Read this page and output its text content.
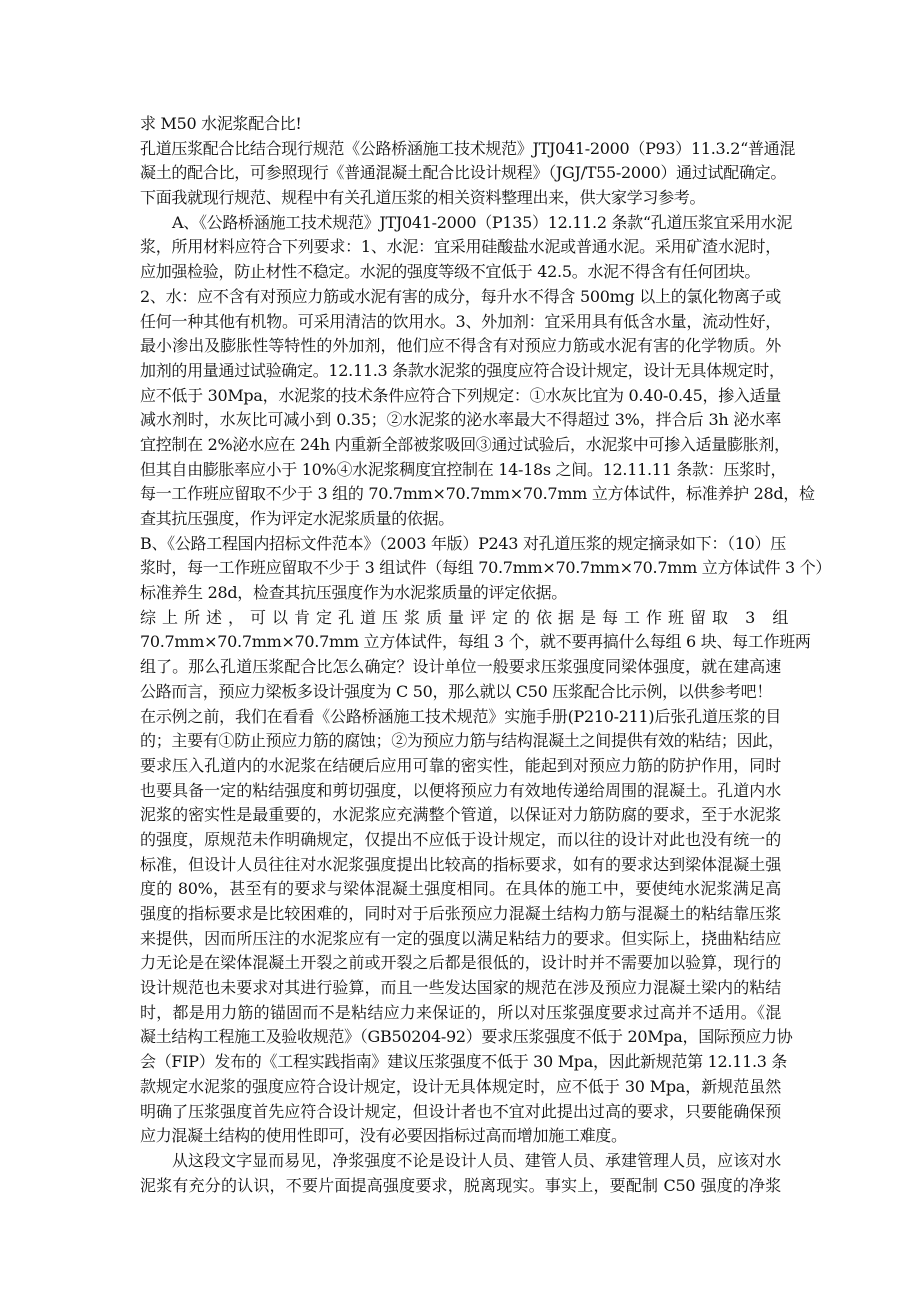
求 M50 水泥浆配合比!
孔道压浆配合比结合现行规范《公路桥涵施工技术规范》JTJ041-2000（P93）11.3.2“普通混
凝土的配合比，可参照现行《普通混凝土配合比设计规程》（JGJ/T55-2000）通过试配确定。
下面我就现行规范、规程中有关孔道压浆的相关资料整理出来，供大家学习参考。
A、《公路桥涵施工技术规范》JTJ041-2000（P135）12.11.2 条款“孔道压浆宜采用水泥
浆，所用材料应符合下列要求：1、水泥：宜采用硅酸盐水泥或普通水泥。采用矿渣水泥时，
应加强检验，防止材性不稳定。水泥的强度等级不宜低于 42.5。水泥不得含有任何团块。
2、水：应不含有对预应力筋或水泥有害的成分，每升水不得含 500mg 以上的氯化物离子或
任何一种其他有机物。可采用清洁的饮用水。3、外加剂：宜采用具有低含水量，流动性好，
最小渗出及膨胀性等特性的外加剂，他们应不得含有对预应力筋或水泥有害的化学物质。外
加剂的用量通过试验确定。12.11.3 条款水泥浆的强度应符合设计规定，设计无具体规定时，
应不低于 30Mpa，水泥浆的技术条件应符合下列规定：①水灰比宜为 0.40-0.45，掺入适量
减水剂时，水灰比可减小到 0.35；②水泥浆的泌水率最大不得超过 3%，拌合后 3h 泌水率
宜控制在 2%泌水应在 24h 内重新全部被浆吸回③通过试验后，水泥浆中可掺入适量膨胀剂，
但其自由膨胀率应小于 10%④水泥浆稠度宜控制在 14-18s 之间。12.11.11 条款：压浆时，
每一工作班应留取不少于 3 组的 70.7mm×70.7mm×70.7mm 立方体试件，标准养护 28d，检
查其抗压强度，作为评定水泥浆质量的依据。
B、《公路工程国内招标文件范本》（2003 年版）P243 对孔道压浆的规定摘录如下：（10）压
浆时，每一工作班应留取不少于 3 组试件（每组 70.7mm×70.7mm×70.7mm 立方体试件 3 个）
标准养生 28d，检查其抗压强度作为水泥浆质量的评定依据。
综上所述，可以肯定孔道压浆质量评定的依据是每工作班留取 3 组
70.7mm×70.7mm×70.7mm 立方体试件，每组 3 个，就不要再搞什么每组 6 块、每工作班两
组了。那么孔道压浆配合比怎么确定？设计单位一般要求压浆强度同梁体强度，就在建高速
公路而言，预应力梁板多设计强度为 C 50，那么就以 C50 压浆配合比示例，以供参考吧！
在示例之前，我们在看看《公路桥涵施工技术规范》实施手册(P210-211)后张孔道压浆的目
的；主要有①防止预应力筋的腐蚀；②为预应力筋与结构混凝土之间提供有效的粘结；因此，
要求压入孔道内的水泥浆在结硬后应用可靠的密实性，能起到对预应力筋的防护作用，同时
也要具备一定的粘结强度和剪切强度，以便将预应力有效地传递给周围的混凝土。孔道内水
泥浆的密实性是最重要的，水泥浆应充满整个管道，以保证对力筋防腐的要求，至于水泥浆
的强度，原规范未作明确规定，仅提出不应低于设计规定，而以往的设计对此也没有统一的
标准，但设计人员往往对水泥浆强度提出比较高的指标要求，如有的要求达到梁体混凝土强
度的 80%，甚至有的要求与梁体混凝土强度相同。在具体的施工中，要使纯水泥浆满足高
强度的指标要求是比较困难的，同时对于后张预应力混凝土结构力筋与混凝土的粘结靠压浆
来提供，因而所压注的水泥浆应有一定的强度以满足粘结力的要求。但实际上，挠曲粘结应
力无论是在梁体混凝土开裂之前或开裂之后都是很低的，设计时并不需要加以验算，现行的
设计规范也未要求对其进行验算，而且一些发达国家的规范在涉及预应力混凝土梁内的粘结
时，都是用力筋的锚固而不是粘结应力来保证的，所以对压浆强度要求过高并不适用。《混
凝土结构工程施工及验收规范》（GB50204-92）要求压浆强度不低于 20Mpa，国际预应力协
会（FIP）发布的《工程实践指南》建议压浆强度不低于 30 Mpa，因此新规范第 12.11.3 条
款规定水泥浆的强度应符合设计规定，设计无具体规定时，应不低于 30 Mpa，新规范虽然
明确了压浆强度首先应符合设计规定，但设计者也不宜对此提出过高的要求，只要能确保预
应力混凝土结构的使用性即可，没有必要因指标过高而增加施工难度。
从这段文字显而易见，净浆强度不论是设计人员、建管人员、承建管理人员，应该对水
泥浆有充分的认识，不要片面提高强度要求，脱离现实。事实上，要配制 C50 强度的净浆
